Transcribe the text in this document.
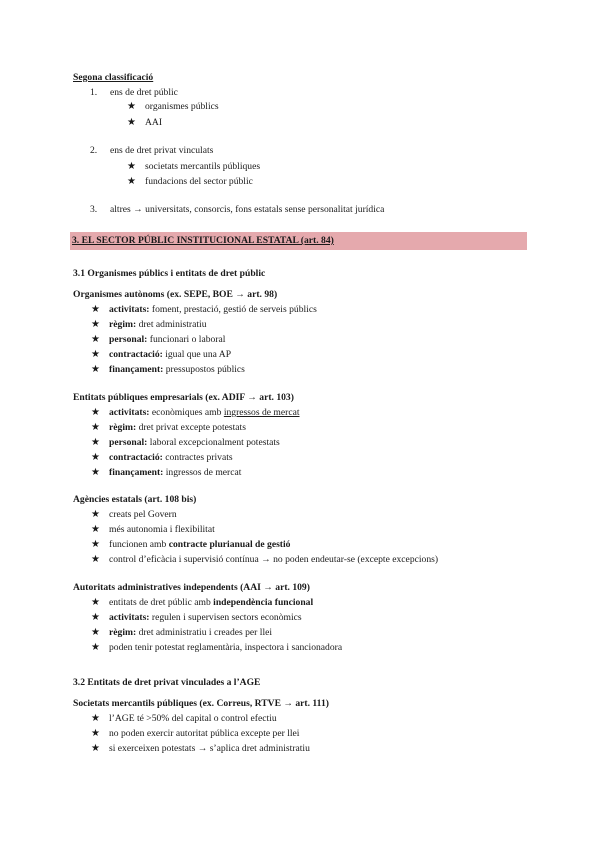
Segona classificació
1. ens de dret públic
★ organismes públics
★ AAI
2. ens de dret privat vinculats
★ societats mercantils públiques
★ fundacions del sector públic
3. altres → universitats, consorcis, fons estatals sense personalitat jurídica
3. EL SECTOR PÚBLIC INSTITUCIONAL ESTATAL (art. 84)
3.1 Organismes públics i entitats de dret públic
Organismes autònoms (ex. SEPE, BOE → art. 98)
★ activitats: foment, prestació, gestió de serveis públics
★ règim: dret administratiu
★ personal: funcionari o laboral
★ contractació: igual que una AP
★ finançament: pressupostos públics
Entitats públiques empresarials (ex. ADIF → art. 103)
★ activitats: econòmiques amb ingressos de mercat
★ règim: dret privat excepte potestats
★ personal: laboral excepcionalment potestats
★ contractació: contractes privats
★ finançament: ingressos de mercat
Agències estatals (art. 108 bis)
★ creats pel Govern
★ més autonomia i flexibilitat
★ funcionen amb contracte plurianual de gestió
★ control d’eficàcia i supervisió contínua → no poden endeutar-se (excepte excepcions)
Autoritats administratives independents (AAI → art. 109)
★ entitats de dret públic amb independència funcional
★ activitats: regulen i supervisen sectors econòmics
★ règim: dret administratiu i creades per llei
★ poden tenir potestat reglamentària, inspectora i sancionadora
3.2 Entitats de dret privat vinculades a l’AGE
Societats mercantils públiques (ex. Correus, RTVE → art. 111)
★ l’AGE té >50% del capital o control efectiu
★ no poden exercir autoritat pública excepte per llei
★ si exerceixen potestats → s’aplica dret administratiu
